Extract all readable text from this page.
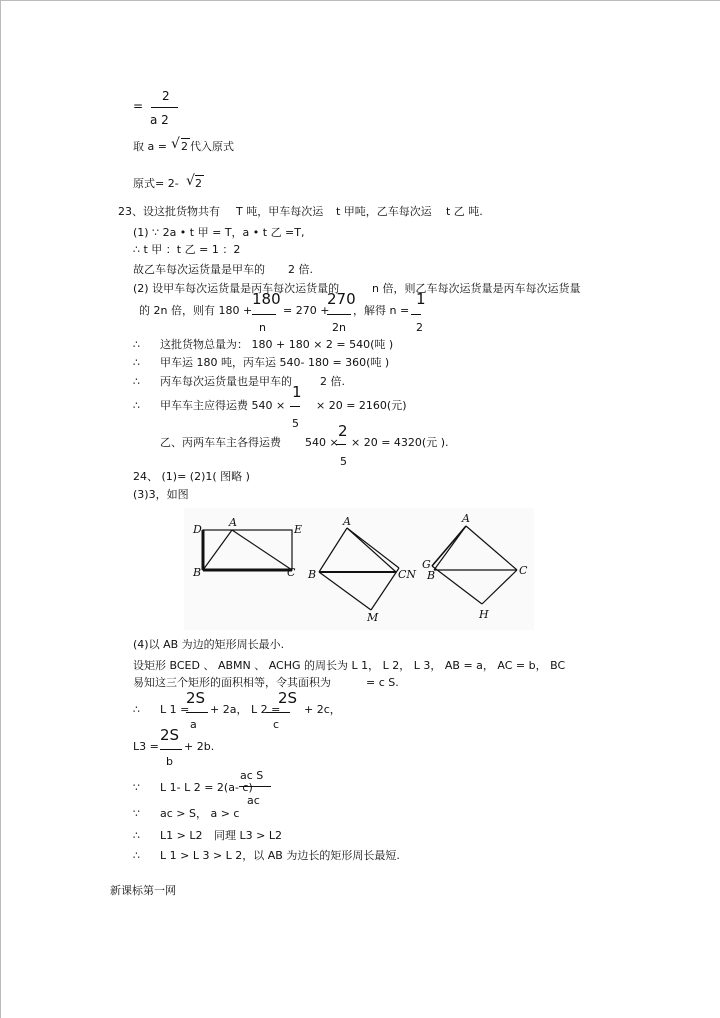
=
2
a 2
取 a = √ 2 代入原式
原式= 2- √ 2
23、设这批货物共有 T 吨，甲车每次运 t 甲吨，乙车每次运 t 乙 吨.
(1) ∵ 2a • t 甲 = T，a • t 乙 =T,
∴ t 甲 ：t 乙 = 1 ：2
故乙车每次运货量是甲车的 2 倍.
(2) 设甲车每次运货量是丙车每次运货量的	n 倍，则乙车每次运货量是丙车每次运货量
的 2n 倍，则有 180 +
180
n
= 270 +
270
2n
，解得 n =
1
2
∴ 这批货物总量为： 180 + 180 × 2 = 540(吨 )
∴ 甲车运 180 吨，丙车运 540- 180 = 360(吨 )
∴ 丙车每次运货量也是甲车的	2 倍.
∴ 甲车车主应得运费 540 ×
1
5
× 20 = 2160(元)
乙、丙两车车主各得运费 540 ×
2
5
× 20 = 4320(元 ).
24、 (1)= (2)1( 图略 )
(3)3，如图
D
A
E
B	C
A
B	CN
M
A
G
B	C
H
(4)以 AB 为边的矩形周长最小.
设矩形 BCED 、 ABMN 、 ACHG 的周长为 L 1， L 2， L 3， AB = a， AC = b， BC
易知这三个矩形的面积相等，令其面积为	= c S.
∴ L 1 =
2S
a
+ 2a， L 2 =
2S
c
+ 2c，
L3 =
2S
b
+ 2b.
ac S
∵ L 1- L 2 = 2(a- c)
ac
∵ ac > S， a > c
∴ L1 > L2 同理 L3 > L2
∴ L 1 > L 3 > L 2，以 AB 为边长的矩形周长最短.
新课标第一网
